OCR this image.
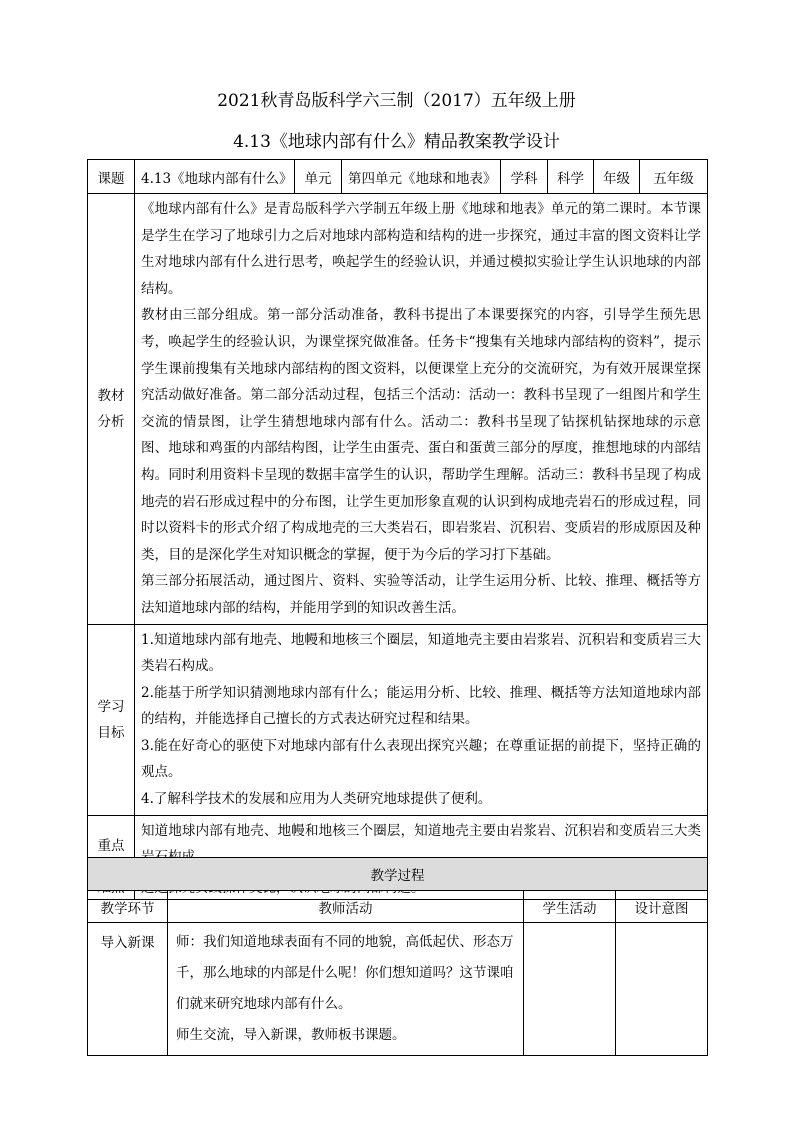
2021秋青岛版科学六三制（2017）五年级上册
4.13《地球内部有什么》精品教案教学设计
课题	4.13《地球内部有什么》	单元	第四单元《地球和地表》	学科	科学	年级	五年级
教材分析	《地球内部有什么》是青岛版科学六学制五年级上册《地球和地表》单元的第二课时。本节课是学生在学习了地球引力之后对地球内部构造和结构的进一步探究，通过丰富的图文资料让学生对地球内部有什么进行思考，唤起学生的经验认识，并通过模拟实验让学生认识地球的内部结构。

教材由三部分组成。第一部分活动准备，教科书提出了本课要探究的内容，引导学生预先思考，唤起学生的经验认识，为课堂探究做准备。任务卡“搜集有关地球内部结构的资料”，提示学生课前搜集有关地球内部结构的图文资料，以便课堂上充分的交流研究，为有效开展课堂探究活动做好准备。第二部分活动过程，包括三个活动：活动一：教科书呈现了一组图片和学生交流的情景图，让学生猜想地球内部有什么。活动二：教科书呈现了钻探机钻探地球的示意图、地球和鸡蛋的内部结构图，让学生由蛋壳、蛋白和蛋黄三部分的厚度，推想地球的内部结构。同时利用资料卡呈现的数据丰富学生的认识，帮助学生理解。活动三：教科书呈现了构成地壳的岩石形成过程中的分布图，让学生更加形象直观的认识到构成地壳岩石的形成过程，同时以资料卡的形式介绍了构成地壳的三大类岩石，即岩浆岩、沉积岩、变质岩的形成原因及种类，目的是深化学生对知识概念的掌握，便于为今后的学习打下基础。

第三部分拓展活动，通过图片、资料、实验等活动，让学生运用分析、比较、推理、概括等方法知道地球内部的结构，并能用学到的知识改善生活。						

学习目标	1.知道地球内部有地壳、地幔和地核三个圈层，知道地壳主要由岩浆岩、沉积岩和变质岩三大类岩石构成。

2.能基于所学知识猜测地球内部有什么；能运用分析、比较、推理、概括等方法知道地球内部的结构，并能选择自己擅长的方式表达研究过程和结果。

3.能在好奇心的驱使下对地球内部有什么表现出探究兴趣；在尊重证据的前提下，坚持正确的观点。

4.了解科学技术的发展和应用为人类研究地球提供了便利。						

重点	知道地球内部有地壳、地幔和地核三个圈层，知道地壳主要由岩浆岩、沉积岩和变质岩三大类						

教学过程			
教学环节	教师活动	学生活动	设计意图
导入新课	师：我们知道地球表面有不同的地貌，高低起伏、形态万千，那么地球的内部是什么呢！你们想知道吗？这节课咱们就来研究地球内部有什么。
师生交流，导入新课，教师板书课题。		
